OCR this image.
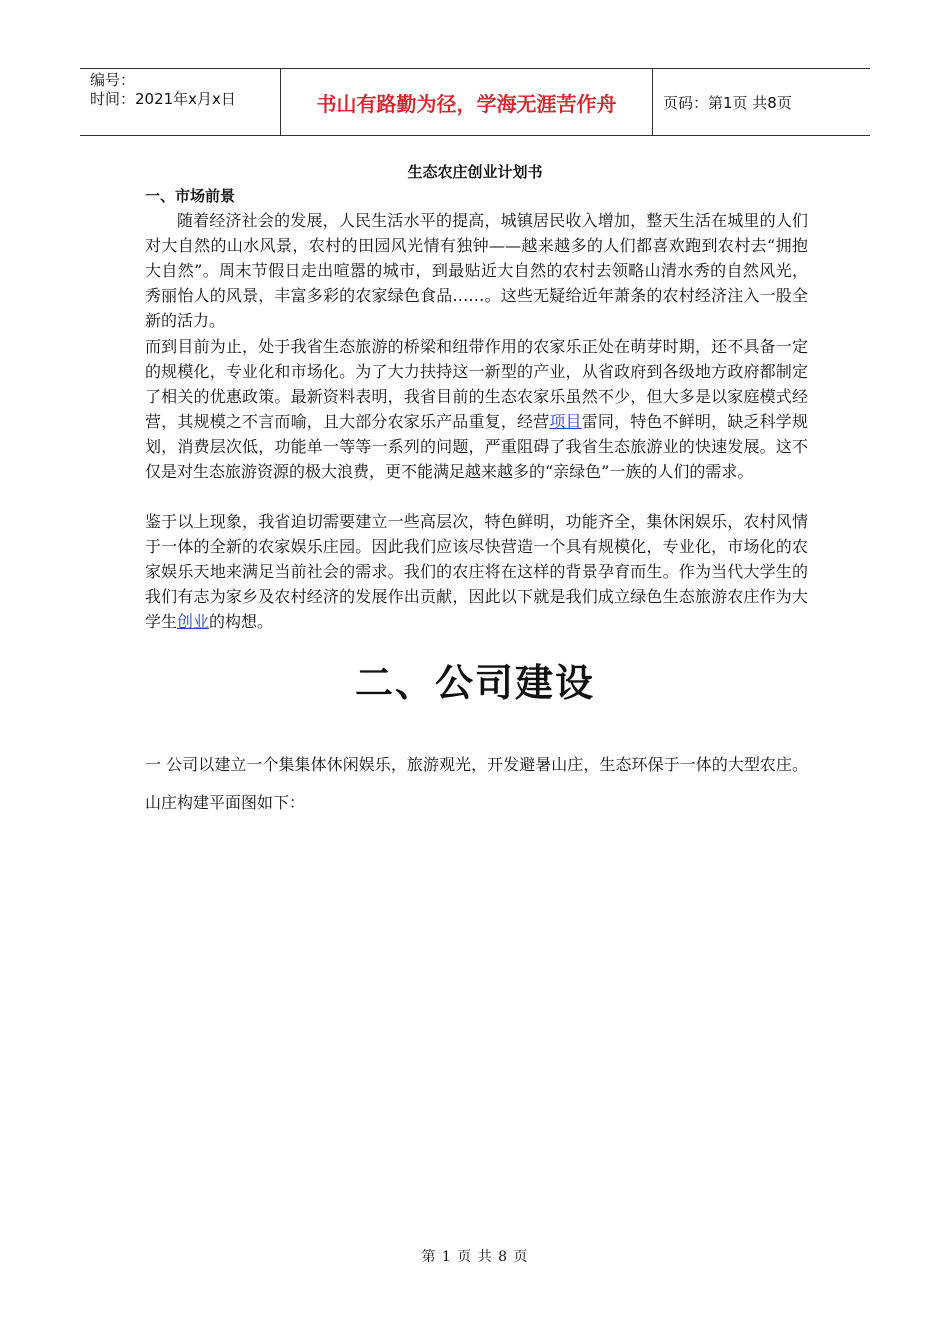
编号：
时间：2021年x月x日	书山有路勤为径，学海无涯苦作舟	页码：第1页 共8页
生态农庄创业计划书
一、市场前景

随着经济社会的发展，人民生活水平的提高，城镇居民收入增加，整天生活在城里的人们对大自然的山水风景，农村的田园风光情有独钟——越来越多的人们都喜欢跑到农村去“拥抱大自然”。周末节假日走出喧嚣的城市，到最贴近大自然的农村去领略山清水秀的自然风光，秀丽怡人的风景，丰富多彩的农家绿色食品……。这些无疑给近年萧条的农村经济注入一股全新的活力。

而到目前为止，处于我省生态旅游的桥梁和纽带作用的农家乐正处在萌芽时期，还不具备一定的规模化，专业化和市场化。为了大力扶持这一新型的产业，从省政府到各级地方政府都制定了相关的优惠政策。最新资料表明，我省目前的生态农家乐虽然不少，但大多是以家庭模式经营，其规模之不言而喻，且大部分农家乐产品重复，经营项目雷同，特色不鲜明，缺乏科学规划，消费层次低，功能单一等等一系列的问题，严重阻碍了我省生态旅游业的快速发展。这不仅是对生态旅游资源的极大浪费，更不能满足越来越多的“亲绿色”一族的人们的需求。

鉴于以上现象，我省迫切需要建立一些高层次，特色鲜明，功能齐全，集休闲娱乐，农村风情于一体的全新的农家娱乐庄园。因此我们应该尽快营造一个具有规模化，专业化，市场化的农家娱乐天地来满足当前社会的需求。我们的农庄将在这样的背景孕育而生。作为当代大学生的我们有志为家乡及农村经济的发展作出贡献，因此以下就是我们成立绿色生态旅游农庄作为大学生创业的构想。

二、公司建设

一 公司以建立一个集集体休闲娱乐，旅游观光，开发避暑山庄，生态环保于一体的大型农庄。山庄构建平面图如下：

第 1 页 共 8 页
